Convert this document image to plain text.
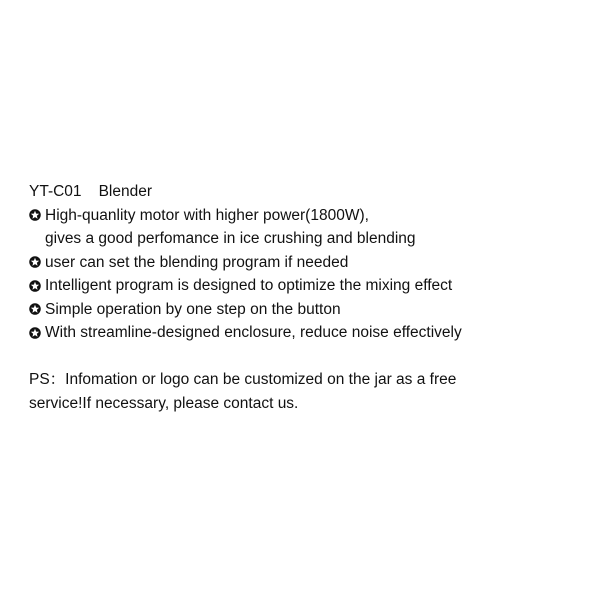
YT-C01 Blender
High-quanlity motor with higher power(1800W),
gives a good perfomance in ice crushing and blending
user can set the blending program if needed
Intelligent program is designed to optimize the mixing effect
Simple operation by one step on the button
With streamline-designed enclosure, reduce noise effectively
PS：Infomation or logo can be customized on the jar as a free
service!If necessary, please contact us.
